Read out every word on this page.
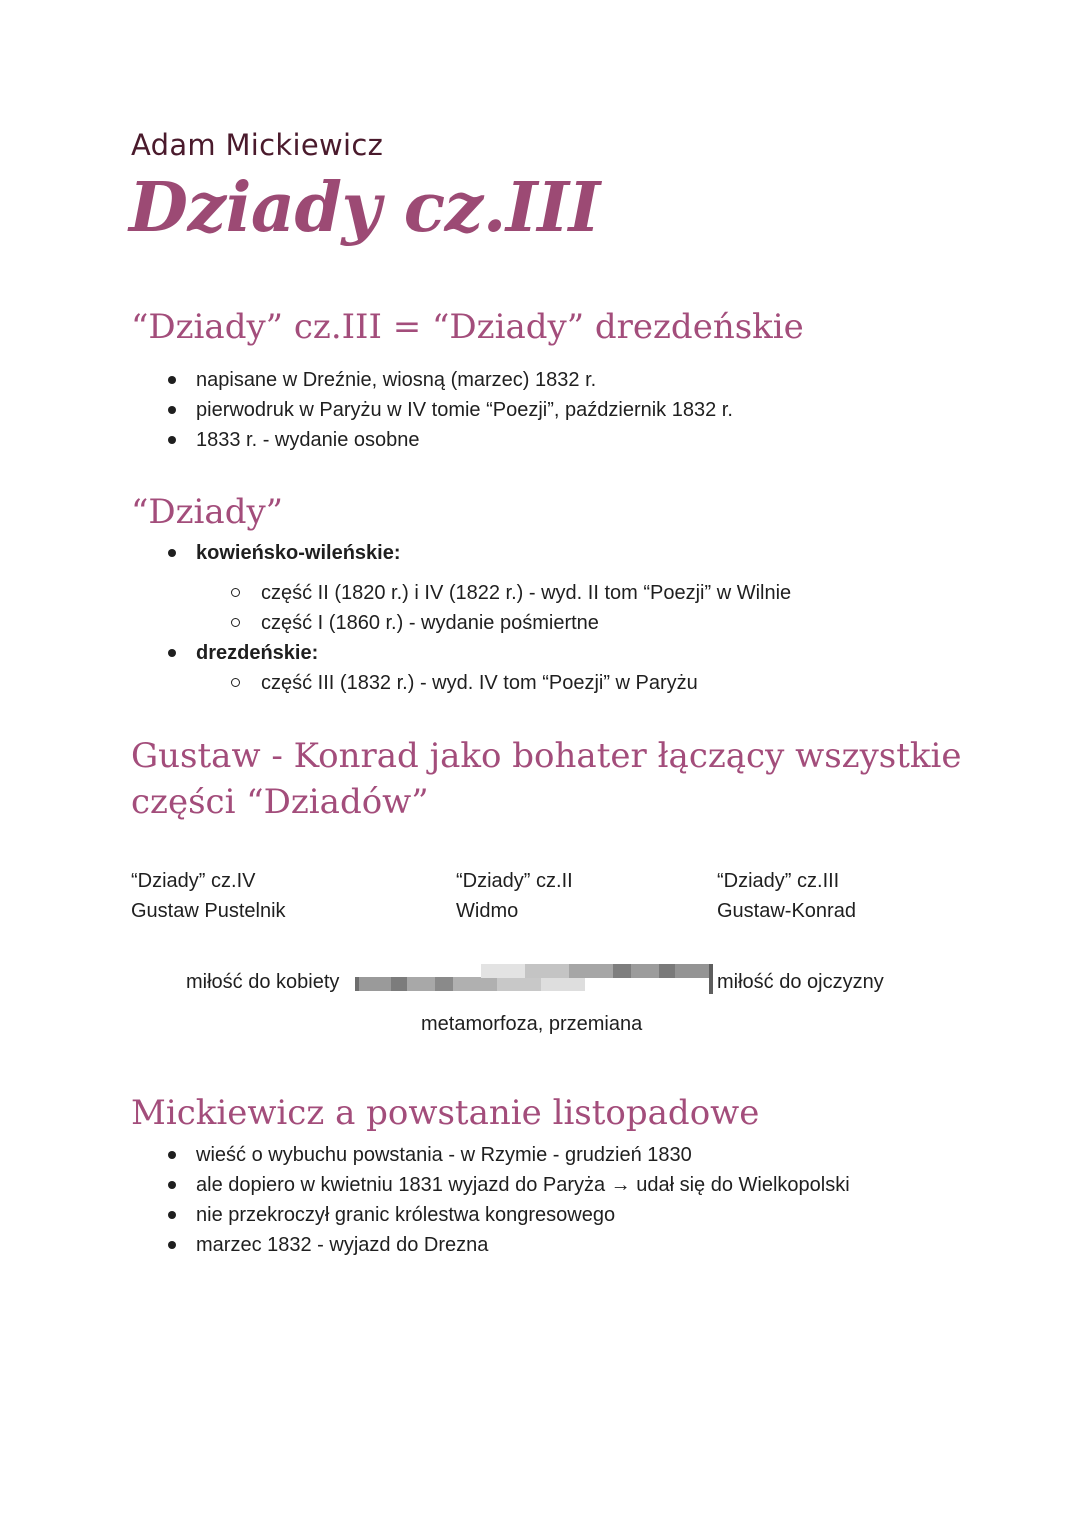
Adam Mickiewicz
Dziady cz.III
“Dziady” cz.III = “Dziady” drezdeńskie
napisane w Dreźnie, wiosną (marzec) 1832 r.
pierwodruk w Paryżu w IV tomie “Poezji”, październik 1832 r.
1833 r. - wydanie osobne
“Dziady”
kowieńsko-wileńskie:
część II (1820 r.) i IV (1822 r.) - wyd. II tom “Poezji” w Wilnie
część I (1860 r.) - wydanie pośmiertne
drezdeńskie:
część III (1832 r.) - wyd. IV tom “Poezji” w Paryżu
Gustaw - Konrad jako bohater łączący wszystkie
części “Dziadów”
“Dziady” cz.IV
Gustaw Pustelnik
“Dziady” cz.II
Widmo
“Dziady” cz.III
Gustaw-Konrad
miłość do kobiety	miłość do ojczyzny
metamorfoza, przemiana
Mickiewicz a powstanie listopadowe
wieść o wybuchu powstania - w Rzymie - grudzień 1830
ale dopiero w kwietniu 1831 wyjazd do Paryża → udał się do Wielkopolski
nie przekroczył granic królestwa kongresowego
marzec 1832 - wyjazd do Drezna
